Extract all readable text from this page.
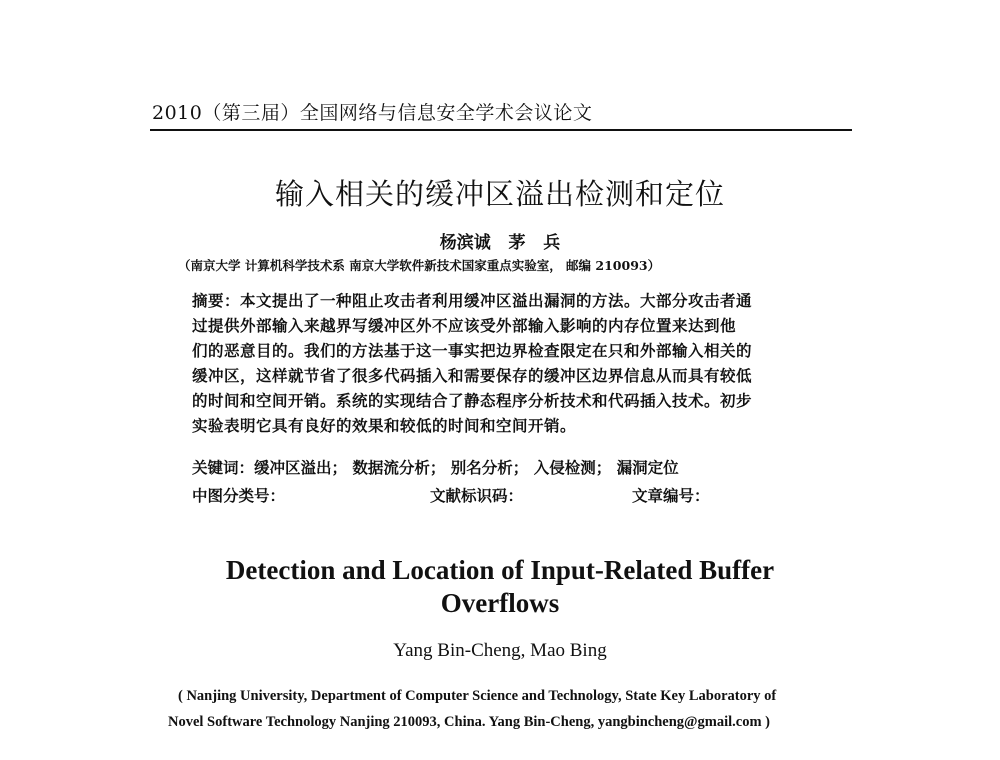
2010（第三届）全国网络与信息安全学术会议论文
输入相关的缓冲区溢出检测和定位
杨滨诚   茅   兵
（南京大学 计算机科学技术系 南京大学软件新技术国家重点实验室， 邮编 210093）

摘要：本文提出了一种阻止攻击者利用缓冲区溢出漏洞的方法。大部分攻击者通
过提供外部输入来越界写缓冲区外不应该受外部输入影响的内存位置来达到他
们的恶意目的。我们的方法基于这一事实把边界检查限定在只和外部输入相关的
缓冲区，这样就节省了很多代码插入和需要保存的缓冲区边界信息从而具有较低
的时间和空间开销。系统的实现结合了静态程序分析技术和代码插入技术。初步
实验表明它具有良好的效果和较低的时间和空间开销。

关键词：缓冲区溢出； 数据流分析； 别名分析； 入侵检测； 漏洞定位
中图分类号：	文献标识码：	文章编号：
Detection and Location of Input-Related Buffer
Overflows
Yang Bin-Cheng, Mao Bing

( Nanjing University, Department of Computer Science and Technology, State Key Laboratory of
Novel Software Technology Nanjing 210093, China. Yang Bin-Cheng, yangbincheng@gmail.com )
